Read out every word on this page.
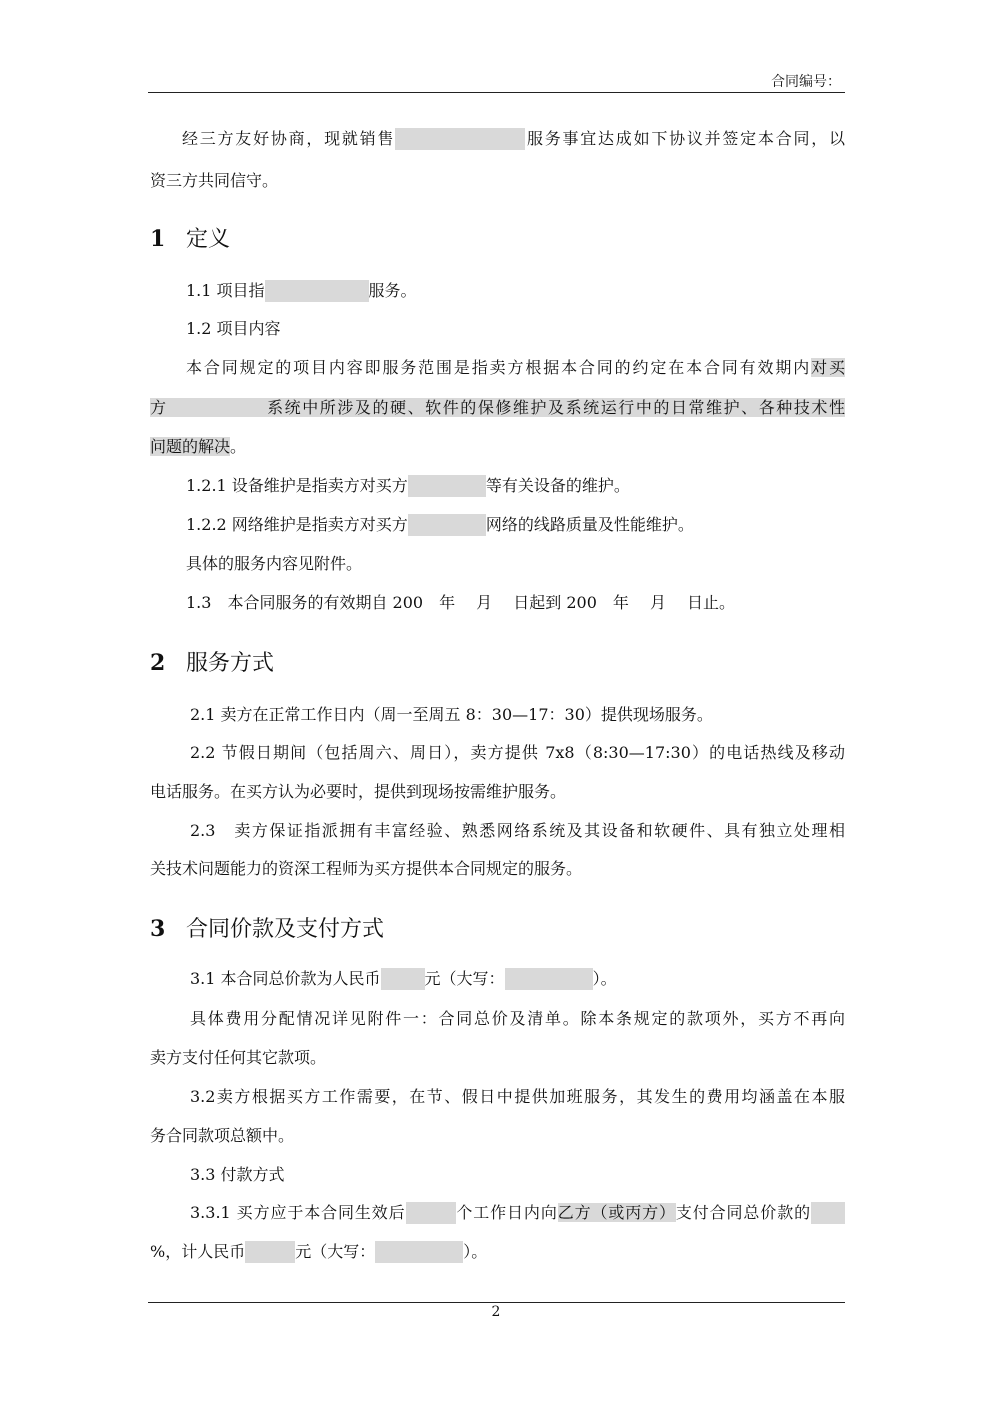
合同编号：
经三方友好协商，现就销售	服务事宜达成如下协议并签定本合同，以
资三方共同信守。
1 定义
1.1 项目指	服务。
1.2 项目内容
本合同规定的项目内容即服务范围是指卖方根据本合同的约定在本合同有效期内对买
方	系统中所涉及的硬、软件的保修维护及系统运行中的日常维护、各种技术性
问题的解决。
1.2.1 设备维护是指卖方对买方	等有关设备的维护。
1.2.2 网络维护是指卖方对买方	网络的线路质量及性能维护。
具体的服务内容见附件。
1.3　本合同服务的有效期自 200　年　 月　 日起到 200　年　 月　 日止。
2 服务方式
2.1 卖方在正常工作日内（周一至周五 8：30—17：30）提供现场服务。
2.2 节假日期间（包括周六、周日），卖方提供 7x8（8:30—17:30）的电话热线及移动
电话服务。在买方认为必要时，提供到现场按需维护服务。
2.3　卖方保证指派拥有丰富经验、熟悉网络系统及其设备和软硬件、具有独立处理相
关技术问题能力的资深工程师为买方提供本合同规定的服务。
3 合同价款及支付方式
3.1 本合同总价款为人民币	元（大写：	）。
具体费用分配情况详见附件一：合同总价及清单。除本条规定的款项外，买方不再向
卖方支付任何其它款项。
3.2卖方根据买方工作需要，在节、假日中提供加班服务，其发生的费用均涵盖在本服
务合同款项总额中。
3.3 付款方式
3.3.1 买方应于本合同生效后	个工作日内向乙方（或丙方）支付合同总价款的
%，计人民币	元（大写：	）。
2
